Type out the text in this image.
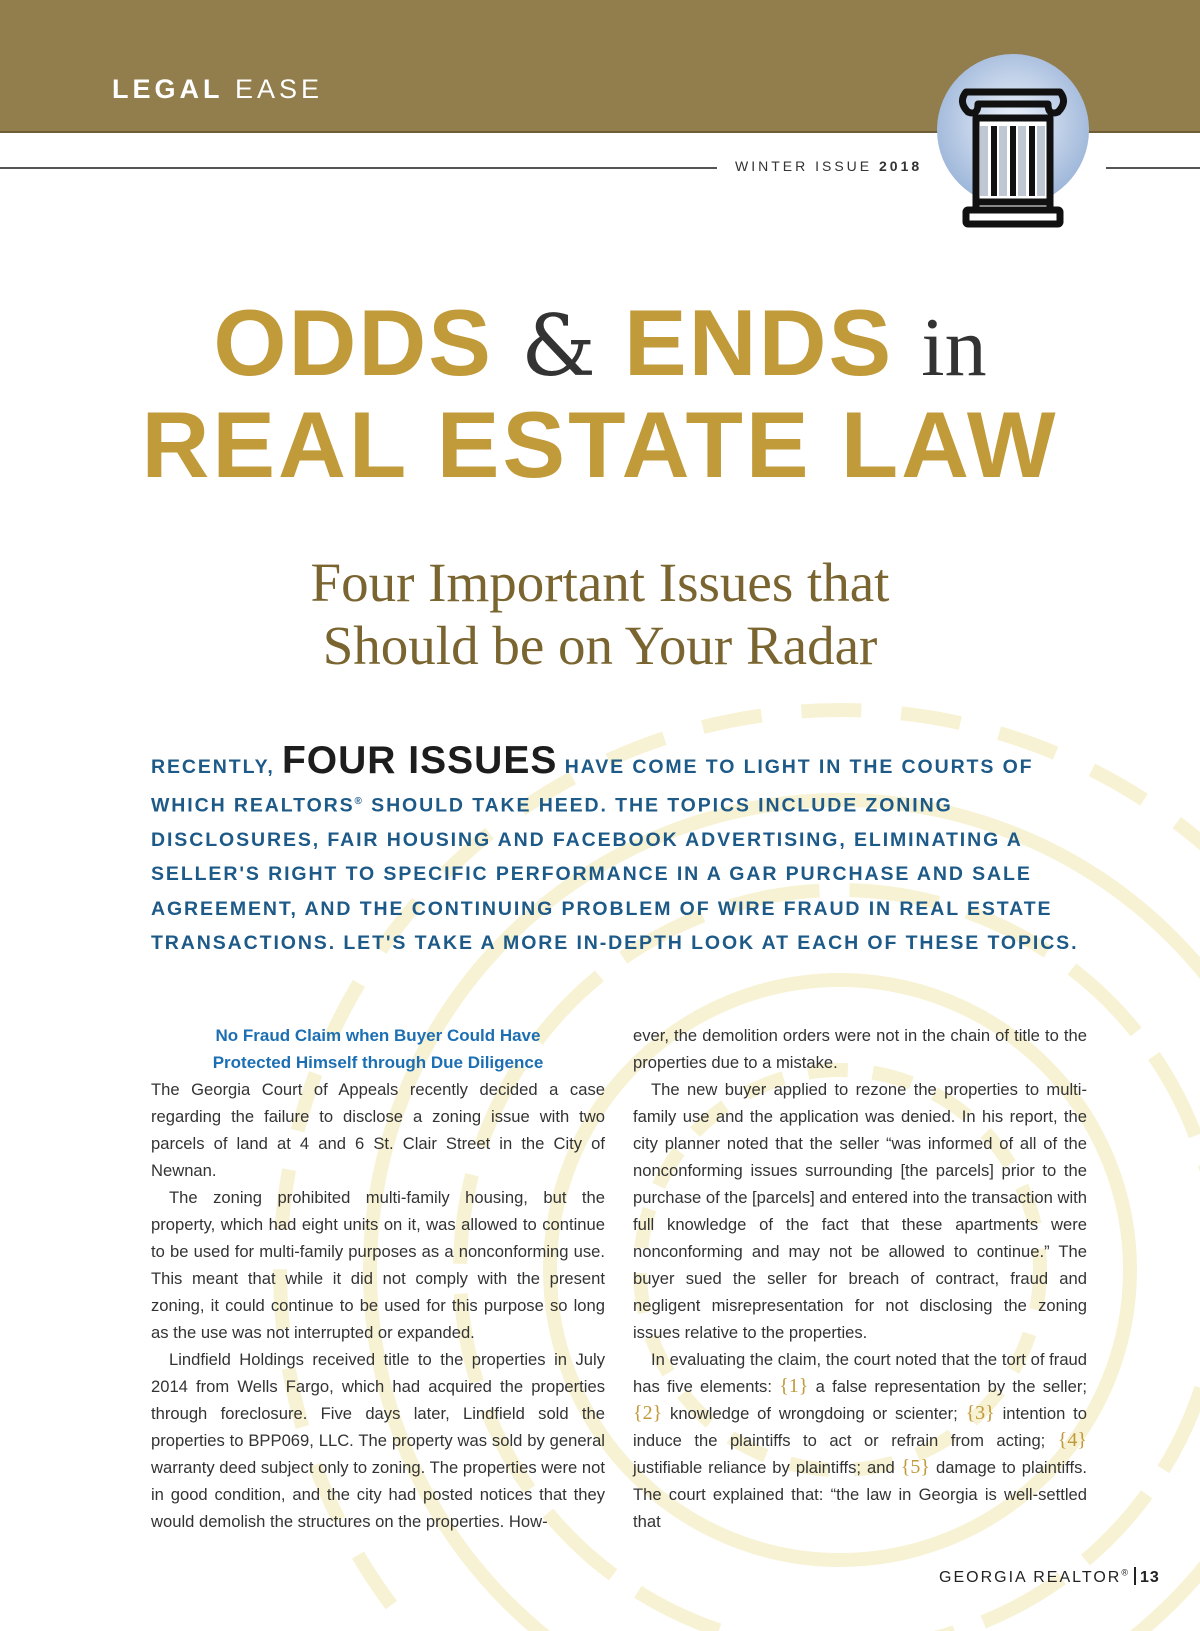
LEGAL EASE
WINTER ISSUE 2018
ODDS & ENDS in
REAL ESTATE LAW
Four Important Issues that
Should be on Your Radar
RECENTLY, FOUR ISSUES HAVE COME TO LIGHT IN THE COURTS OF WHICH REALTORS® SHOULD TAKE HEED. THE TOPICS INCLUDE ZONING DISCLOSURES, FAIR HOUSING AND FACEBOOK ADVERTISING, ELIMINATING A SELLER'S RIGHT TO SPECIFIC PERFORMANCE IN A GAR PURCHASE AND SALE AGREEMENT, AND THE CONTINUING PROBLEM OF WIRE FRAUD IN REAL ESTATE TRANSACTIONS. LET'S TAKE A MORE IN-DEPTH LOOK AT EACH OF THESE TOPICS.
No Fraud Claim when Buyer Could Have
Protected Himself through Due Diligence

The Georgia Court of Appeals recently decided a case regarding the failure to disclose a zoning issue with two parcels of land at 4 and 6 St. Clair Street in the City of Newnan.

The zoning prohibited multi-family housing, but the property, which had eight units on it, was allowed to continue to be used for multi-family purposes as a nonconforming use. This meant that while it did not comply with the present zoning, it could continue to be used for this purpose so long as the use was not interrupted or expanded.

Lindfield Holdings received title to the properties in July 2014 from Wells Fargo, which had acquired the properties through foreclosure. Five days later, Lindfield sold the properties to BPP069, LLC. The property was sold by general warranty deed subject only to zoning. The properties were not in good condition, and the city had posted notices that they would demolish the structures on the properties. How-

ever, the demolition orders were not in the chain of title to the properties due to a mistake.

The new buyer applied to rezone the properties to multi-family use and the application was denied. In his report, the city planner noted that the seller “was informed of all of the nonconforming issues surrounding [the parcels] prior to the purchase of the [parcels] and entered into the transaction with full knowledge of the fact that these apartments were nonconforming and may not be allowed to continue.” The buyer sued the seller for breach of contract, fraud and negligent misrepresentation for not disclosing the zoning issues relative to the properties.

In evaluating the claim, the court noted that the tort of fraud has five elements: {1} a false representation by the seller; {2} knowledge of wrongdoing or scienter; {3} intention to induce the plaintiffs to act or refrain from acting; {4} justifiable reliance by plaintiffs; and {5} damage to plaintiffs. The court explained that: “the law in Georgia is well-settled that

GEORGIA REALTOR® 13
